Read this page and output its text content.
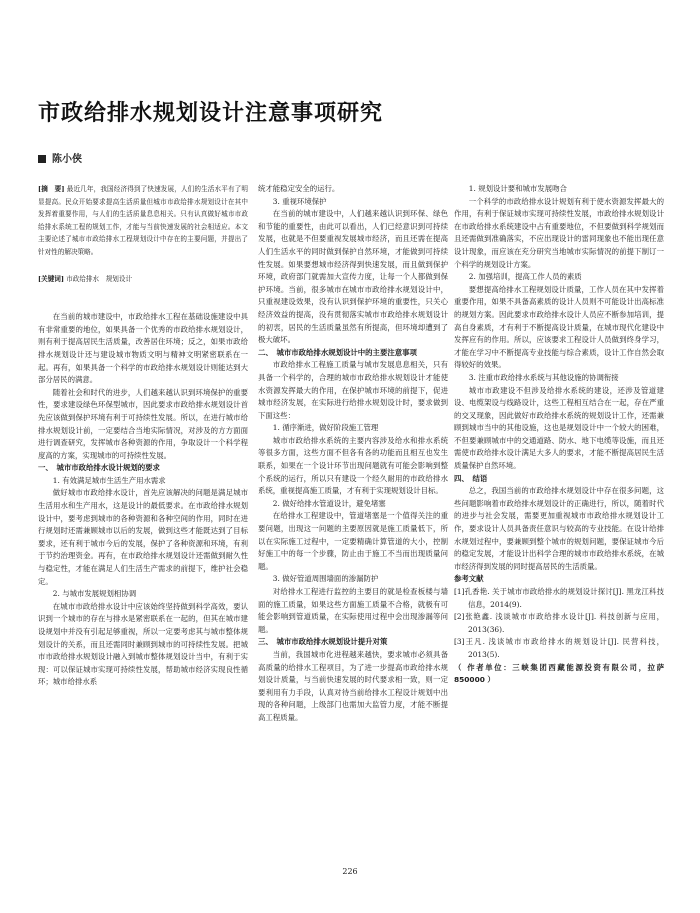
市政给排水规划设计注意事项研究
陈小侠

[摘　要] 最近几年，我国经济得到了快速发展，人们的生活水平有了明显提高。民众开始要求提高生活质量但城市市政给排水规划设计在其中发挥着重要作用，与人们的生活质量息息相关。只有认真做好城市市政给排水系统工程的规划工作，才能与当前快速发展的社会相适应。本文主要论述了城市市政给排水工程规划设计中存在的主要问题，并提出了针对性的解决策略。

[关键词] 市政给排水　规划设计

在当前的城市建设中，市政给排水工程在基础设施建设中具有非常重要的地位，如果具备一个优秀的市政给排水规划设计，则有利于提高居民生活质量，改善居住环境；反之，如果市政给排水规划设计还与建设城市物质文明与精神文明紧密联系在一起。再有，如果具备一个科学的市政给排水规划设计则能达到大部分居民的满意。

随着社会和时代的进步，人们越来越认识到环境保护的重要性，要求建设绿色环保型城市，因此要求市政给排水规划设计首先应该做到保护环境有利于可持续性发展。所以，在进行城市给排水规划设计前，一定要结合当地实际情况，对涉及的方方面面进行调查研究，发挥城市各种资源的作用，争取设计一个科学程度高的方案，实现城市的可持续性发展。

一、　城市市政给排水设计规划的要求

1. 有效满足城市生活生产用水需求

做好城市市政给排水设计，首先应该解决的问题是满足城市生活用水和生产用水，这是设计的最低要求。在市政给排水规划设计中，要考虑到城市的各种资源和各种空间的作用，同时在进行规划时还需兼顾城市以后的发展，做到这些才能既达到了目标要求，还有利于城市今后的发展，保护了各种资源和环境，有利于节约治理资金。再有，在市政给排水规划设计还需做到耐久性与稳定性，才能在满足人们生活生产需求的前提下，维护社会稳定。

2. 与城市发展规划相协调

在城市市政给排水设计中应该始终坚持做到科学高效，要认识到一个城市的存在与排水是紧密联系在一起的，但其在城市建设规划中并没有引起足够重视，所以一定要考虑其与城市整体规划设计的关系，而且还需同时兼顾到城市的可持续性发展。把城市市政给排水规划设计融入到城市整体规划设计当中，有利于实现：可以保证城市实现可持续性发展，帮助城市经济实现良性循环；城市给排水系

统才能稳定安全的运行。

3. 重视环境保护

在当前的城市建设中，人们越来越认识到环保、绿色和节能的重要性，由此可以看出，人们已经意识到可持续发展，也就是不但要重视发展城市经济，而且还需在提高人们生活水平的同时做到保护自然环境，才能做到可持续性发展。如果要想城市经济得到快速发展，而且做到保护环境，政府部门就需加大宣传力度，让每一个人都做到保护环境。当前，很多城市在城市市政给排水规划设计中，只重视建设效果，没有认识到保护环境的重要性，只关心经济效益的提高，没有贯彻落实城市市政给排水规划设计的初衷，居民的生活质量虽然有所提高，但环境却遭到了极大破坏。

二、　城市市政给排水规划设计中的主要注意事项

市政给排水工程施工质量与城市发展息息相关，只有具备一个科学的，合理的城市市政给排水规划设计才能使水资源发挥最大的作用，在保护城市环境的前提下，促进城市经济发展，在实际进行给排水规划设计时，要求做到下面这些：

1. 循序渐进，做好阶段施工管理

城市市政给排水系统的主要内容涉及给水和排水系统等很多方面，这些方面不但各有各的功能而且相互也发生联系，如果在一个设计环节出现问题就有可能会影响到整个系统的运行，所以只有建设一个经久耐用的市政给排水系统，重视提高施工质量，才有利于实现规划设计目标。

2. 做好给排水管道设计，避免堵塞

在给排水工程建设中，管道堵塞是一个值得关注的重要问题，出现这一问题的主要原因就是施工质量低下，所以在实际施工过程中，一定要精确计算管道的大小，控制好施工中的每一个步骤，防止由于施工不当而出现质量问题。

3. 做好管道周围墙面的渗漏防护

对给排水工程进行监控的主要目的就是检查板楼与墙面的施工质量，如果这些方面施工质量不合格，就极有可能会影响到管道质量，在实际使用过程中会出现渗漏等问题。

三、　城市市政给排水规划设计提升对策

当前，我国城市化进程越来越快，要求城市必须具备高质量的给排水工程项目，为了进一步提高市政给排水规划设计质量，与当前快速发展的时代要求相一致，则一定要利用有力手段，认真对待当前给排水工程设计规划中出现的各种问题，上级部门也需加大监管力度，才能不断提高工程质量。

1. 规划设计要和城市发展吻合

一个科学的市政给排水设计规划有利于使水资源发挥最大的作用，有利于保证城市实现可持续性发展，市政给排水规划设计在市政给排水系统建设中占有重要地位，不但要做到科学规划而且还需做到准确落实，不应出现设计的雷同现象也不能出现任意设计现象，而应该在充分研究当地城市实际情况的前提下制订一个科学的规划设计方案。

2. 加强培训，提高工作人员的素质

要想提高给排水工程规划设计质量，工作人员在其中发挥着重要作用，如果不具备高素质的设计人员则不可能设计出高标准的规划方案。因此要求市政给排水设计人员应不断参加培训，提高自身素质，才有利于不断提高设计质量，在城市现代化建设中发挥应有的作用。所以，应该要求工程设计人员做到终身学习，才能在学习中不断提高专业技能与综合素质，设计工作自然会取得较好的效果。

3. 注重市政给排水系统与其他设施的协调衔接

城市市政建设不但涉及给排水系统的建设，还涉及管道建设、电缆架设与线路设计，这些工程相互结合在一起，存在严重的交叉现象，因此做好市政给排水系统的规划设计工作，还需兼顾到城市当中的其他设施，这也是规划设计中一个较大的困难，不但要兼顾城市中的交通道路、防水、地下电缆等设施，而且还需使市政给排水设计满足大多人的要求，才能不断提高居民生活质量保护自然环境。

四、　结语

总之，我国当前的市政给排水规划设计中存在很多问题，这些问题影响着市政给排水规划设计的正确进行，所以，随着时代的进步与社会发展，需要更加重视城市市政给排水规划设计工作，要求设计人员具备责任意识与较高的专业技能。在设计给排水规划过程中，要兼顾到整个城市的规划问题，要保证城市今后的稳定发展，才能设计出科学合理的城市市政给排水系统，在城市经济得到发展的同时提高居民的生活质量。

参考文献

[1]孔香艳. 关于城市市政给排水的规划设计探讨[J]. 黑龙江科技信息，2014(9).

[2]张艳鑫. 浅谈城市市政给排水设计[J]. 科技创新与应用，2013(36).

[3]王凡. 浅谈城市市政给排水的规划设计[J]. 民营科技，2013(5).

（ 作者单位：三峡集团西藏能源投资有限公司，拉萨　850000 ）

226
